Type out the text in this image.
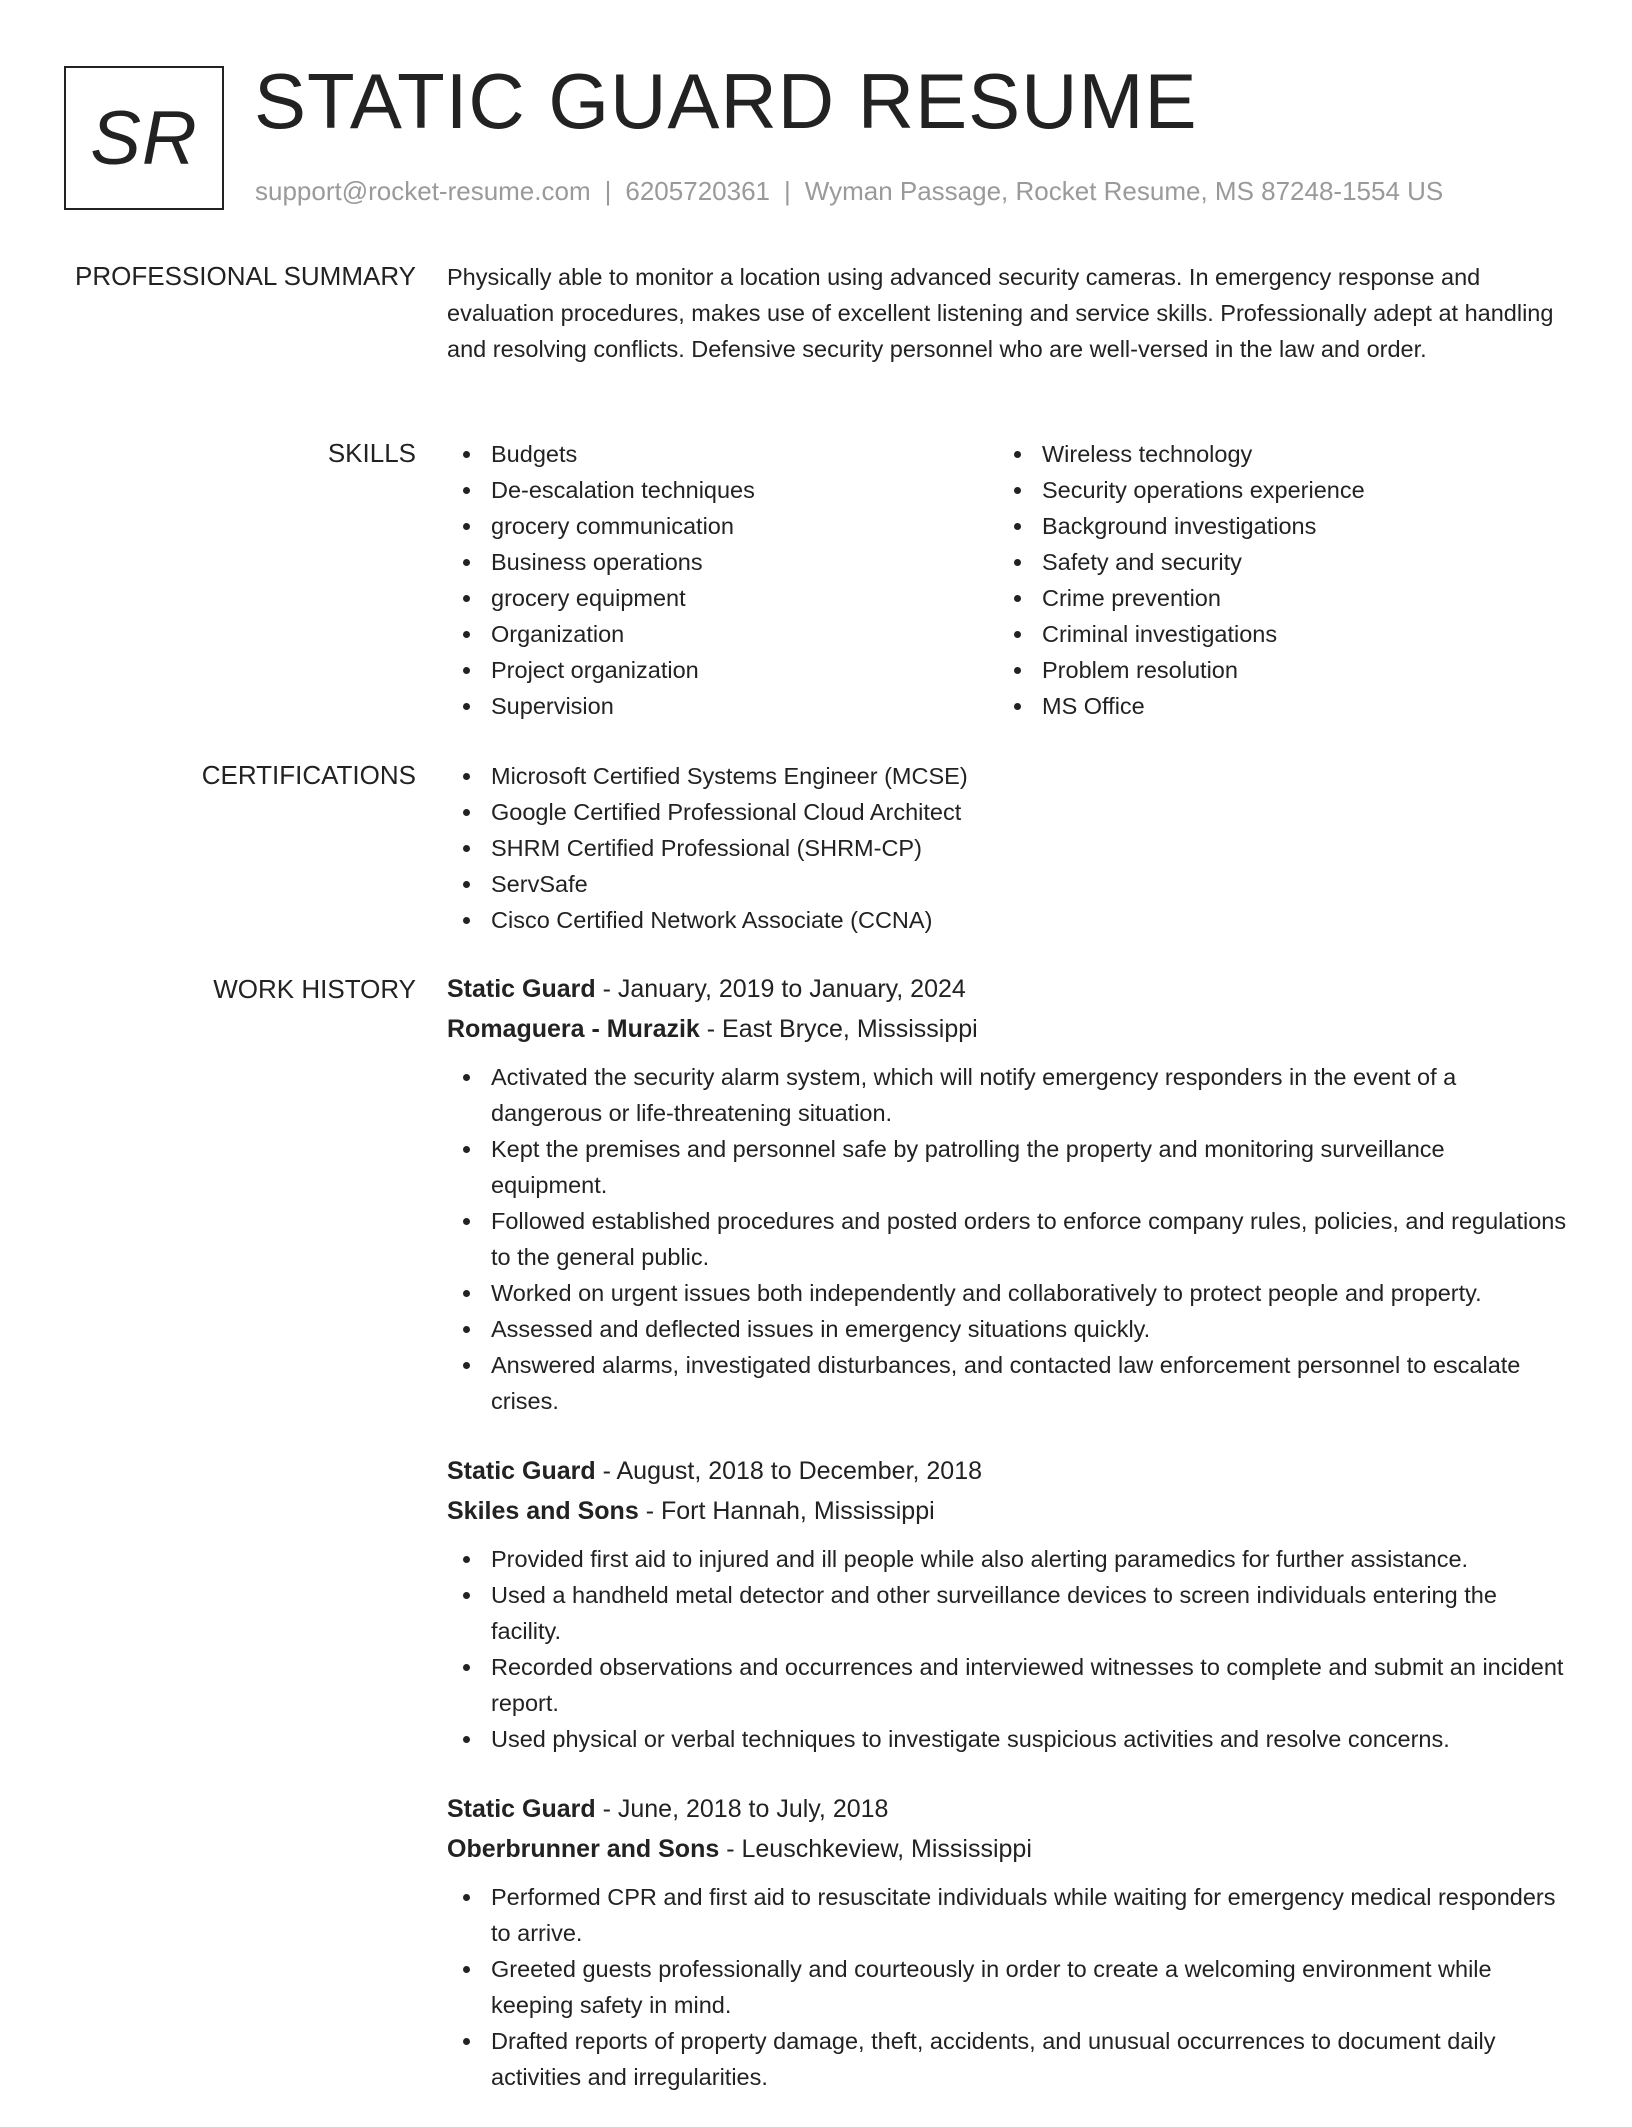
SR STATIC GUARD RESUME
support@rocket-resume.com | 6205720361 | Wyman Passage, Rocket Resume, MS 87248-1554 US
PROFESSIONAL SUMMARY Physically able to monitor a location using advanced security cameras. In emergency response and evaluation procedures, makes use of excellent listening and service skills. Professionally adept at handling and resolving conflicts. Defensive security personnel who are well-versed in the law and order.
SKILLS	Budgets
De-escalation techniques
grocery communication
Business operations
grocery equipment
Organization
Project organization
Supervision
Wireless technology
Security operations experience
Background investigations
Safety and security
Crime prevention
Criminal investigations
Problem resolution
MS Office
CERTIFICATIONS	Microsoft Certified Systems Engineer (MCSE)
Google Certified Professional Cloud Architect
SHRM Certified Professional (SHRM-CP)
ServSafe
Cisco Certified Network Associate (CCNA)
WORK HISTORY Static Guard - January, 2019 to January, 2024
Romaguera - Murazik - East Bryce, Mississippi
Activated the security alarm system, which will notify emergency responders in the event of a dangerous or life-threatening situation.
Kept the premises and personnel safe by patrolling the property and monitoring surveillance equipment.
Followed established procedures and posted orders to enforce company rules, policies, and regulations to the general public.
Worked on urgent issues both independently and collaboratively to protect people and property.
Assessed and deflected issues in emergency situations quickly.
Answered alarms, investigated disturbances, and contacted law enforcement personnel to escalate crises.
Static Guard - August, 2018 to December, 2018
Skiles and Sons - Fort Hannah, Mississippi
Provided first aid to injured and ill people while also alerting paramedics for further assistance.
Used a handheld metal detector and other surveillance devices to screen individuals entering the facility.
Recorded observations and occurrences and interviewed witnesses to complete and submit an incident report.
Used physical or verbal techniques to investigate suspicious activities and resolve concerns.
Static Guard - June, 2018 to July, 2018
Oberbrunner and Sons - Leuschkeview, Mississippi
Performed CPR and first aid to resuscitate individuals while waiting for emergency medical responders to arrive.
Greeted guests professionally and courteously in order to create a welcoming environment while keeping safety in mind.
Drafted reports of property damage, theft, accidents, and unusual occurrences to document daily activities and irregularities.
